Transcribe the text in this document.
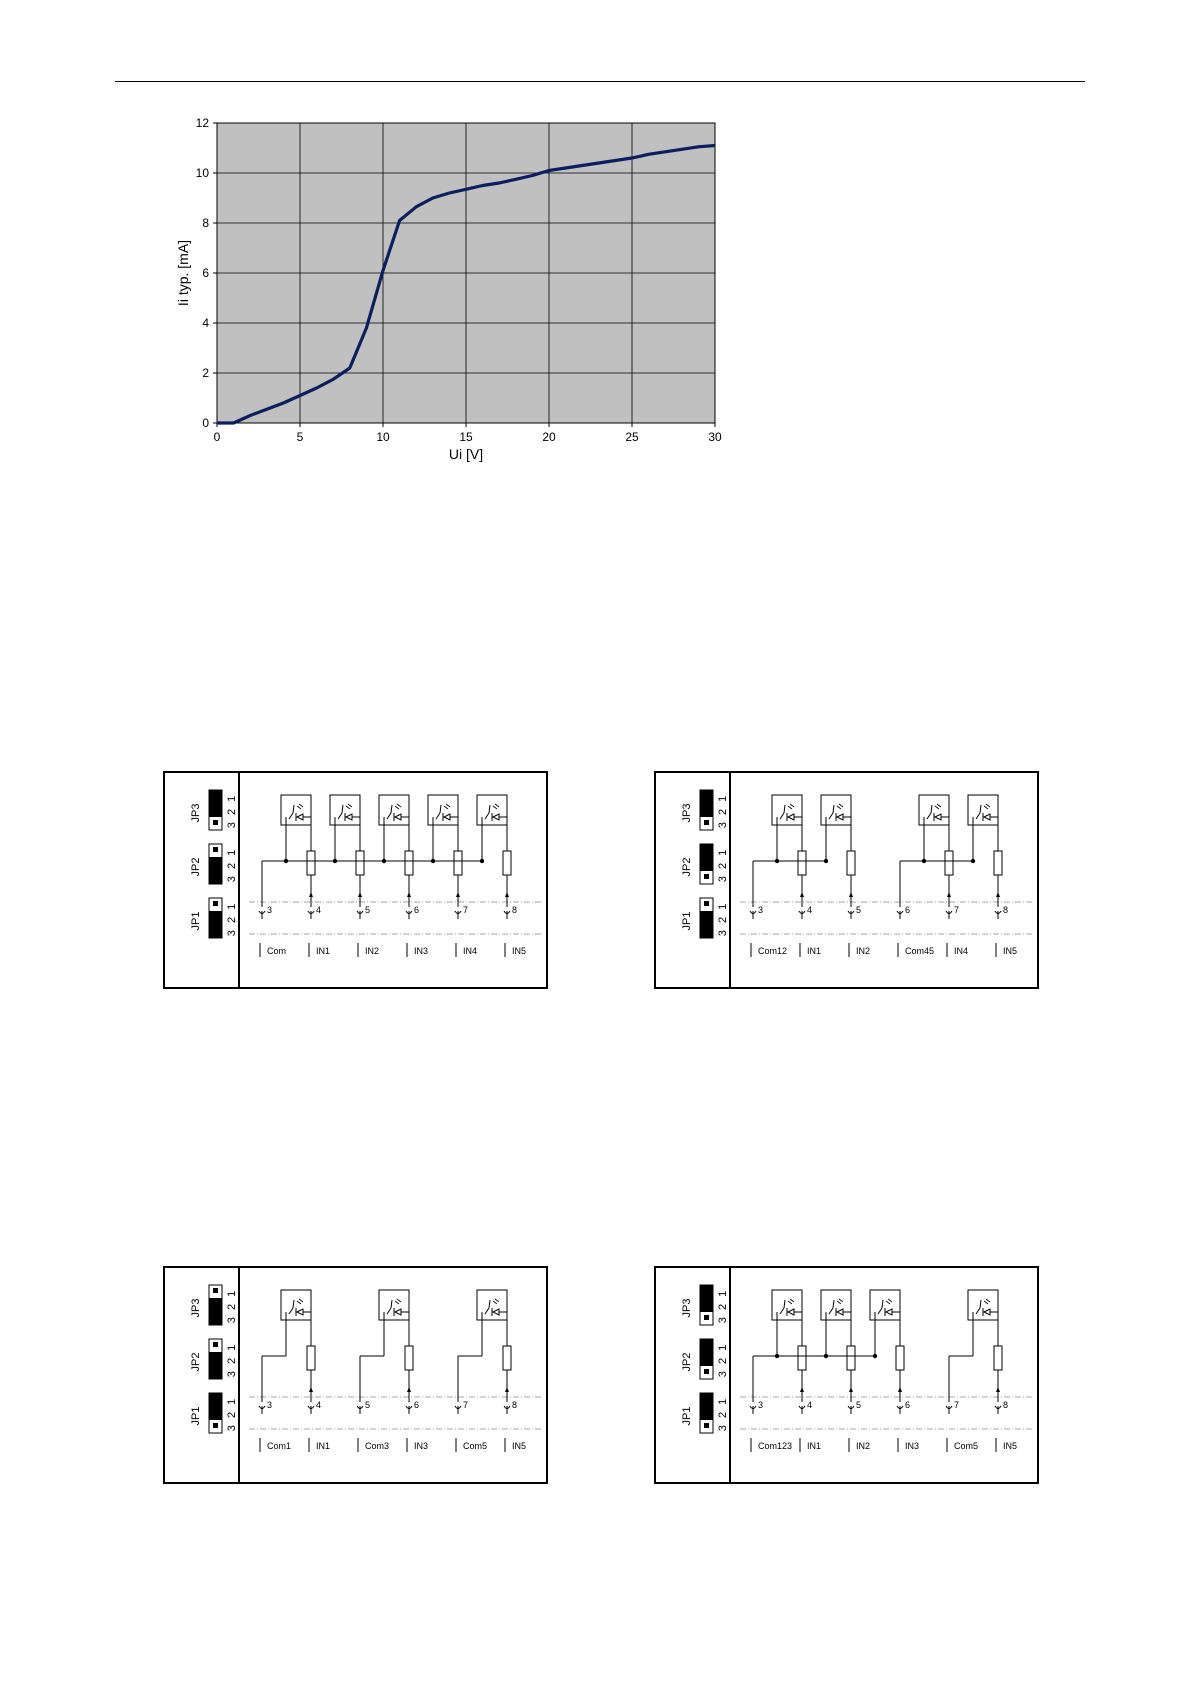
0
2
4
6
8
10
12
0	5	10	15	20	25	30
Ui [V]
Ii typ. [mA]
JP3 3 2 1
JP2 3 2 1
JP1 3 2 1	3
Com
4
IN1
5
IN2
6
IN3
7
IN4
8
IN5
JP3 3 2 1
JP2 3 2 1
JP1 3 2 1	3
Com12
4
IN1
5
IN2
6
Com45
7
IN4
8
IN5
JP3 3 2 1
JP2 3 2 1
JP1 3 2 1	3
Com1
4
IN1
5
Com3
6
IN3
7
Com5
8
IN5
JP3 3 2 1
JP2 3 2 1
JP1 3 2 1	3
Com123
4
IN1
5
IN2
6
IN3
7
Com5
8
IN5
